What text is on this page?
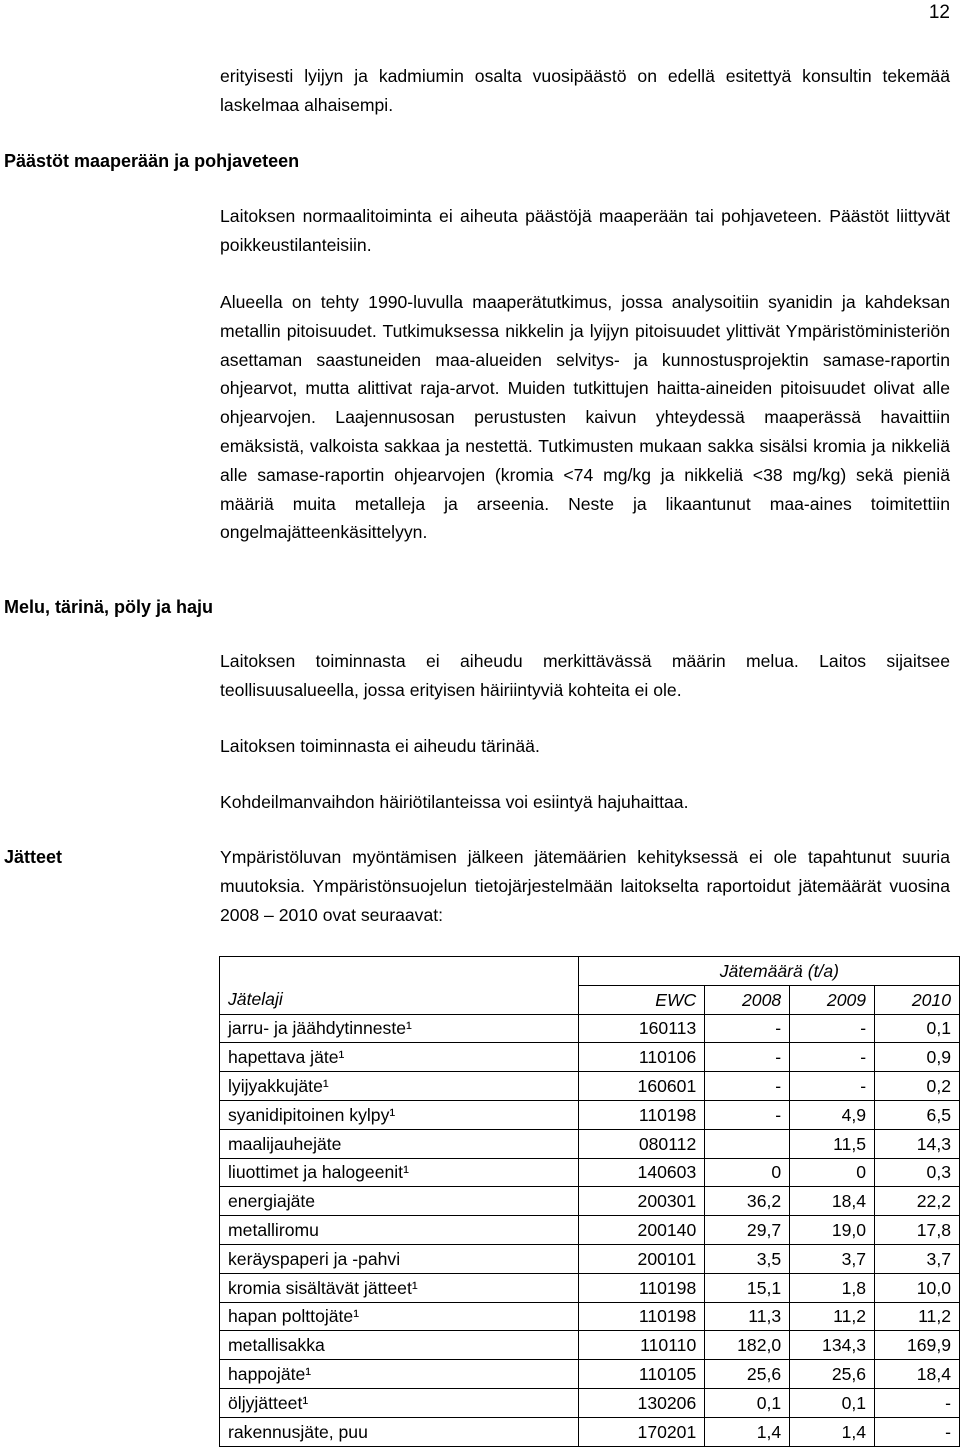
12
erityisesti lyijyn ja kadmiumin osalta vuosipäästö on edellä esitettyä konsultin tekemää laskelmaa alhaisempi.
Päästöt maaperään ja pohjaveteen
Laitoksen normaalitoiminta ei aiheuta päästöjä maaperään tai pohjaveteen. Päästöt liittyvät poikkeustilanteisiin.
Alueella on tehty 1990-luvulla maaperätutkimus, jossa analysoitiin syanidin ja kahdeksan metallin pitoisuudet. Tutkimuksessa nikkelin ja lyijyn pitoisuudet ylittivät Ympäristöministeriön asettaman saastuneiden maa-alueiden selvitys- ja kunnostusprojektin samase-raportin ohjearvot, mutta alittivat raja-arvot. Muiden tutkittujen haitta-aineiden pitoisuudet olivat alle ohjearvojen. Laajennusosan perustusten kaivun yhteydessä maaperässä havaittiin emäksistä, valkoista sakkaa ja nestettä. Tutkimusten mukaan sakka sisälsi kromia ja nikkeliä alle samase-raportin ohjearvojen (kromia <74 mg/kg ja nikkeliä <38 mg/kg) sekä pieniä määriä muita metalleja ja arseenia. Neste ja likaantunut maa-aines toimitettiin ongelmajätteenkäsittelyyn.
Melu, tärinä, pöly ja haju
Laitoksen toiminnasta ei aiheudu merkittävässä määrin melua. Laitos sijaitsee teollisuusalueella, jossa erityisen häiriintyviä kohteita ei ole.
Laitoksen toiminnasta ei aiheudu tärinää.
Kohdeilmanvaihdon häiriötilanteissa voi esiintyä hajuhaittaa.
Jätteet	Ympäristöluvan myöntämisen jälkeen jätemäärien kehityksessä ei ole tapahtunut suuria muutoksia. Ympäristönsuojelun tietojärjestelmään laitokselta raportoidut jätemäärät vuosina 2008 – 2010 ovat seuraavat:
	Jätemäärä (t/a)			
Jätelaji	EWC	2008	2009	2010
jarru- ja jäähdytinneste¹	160113	-	-	0,1
hapettava jäte¹	110106	-	-	0,9
lyijyakkujäte¹	160601	-	-	0,2
syanidipitoinen kylpy¹	110198	-	4,9	6,5
maalijauhejäte	080112		11,5	14,3
liuottimet ja halogeenit¹	140603	0	0	0,3
energiajäte	200301	36,2	18,4	22,2
metalliromu	200140	29,7	19,0	17,8
keräyspaperi ja -pahvi	200101	3,5	3,7	3,7
kromia sisältävät jätteet¹	110198	15,1	1,8	10,0
hapan polttojäte¹	110198	11,3	11,2	11,2
metallisakka	110110	182,0	134,3	169,9
happojäte¹	110105	25,6	25,6	18,4
öljyjätteet¹	130206	0,1	0,1	-
rakennusjäte, puu	170201	1,4	1,4	-
